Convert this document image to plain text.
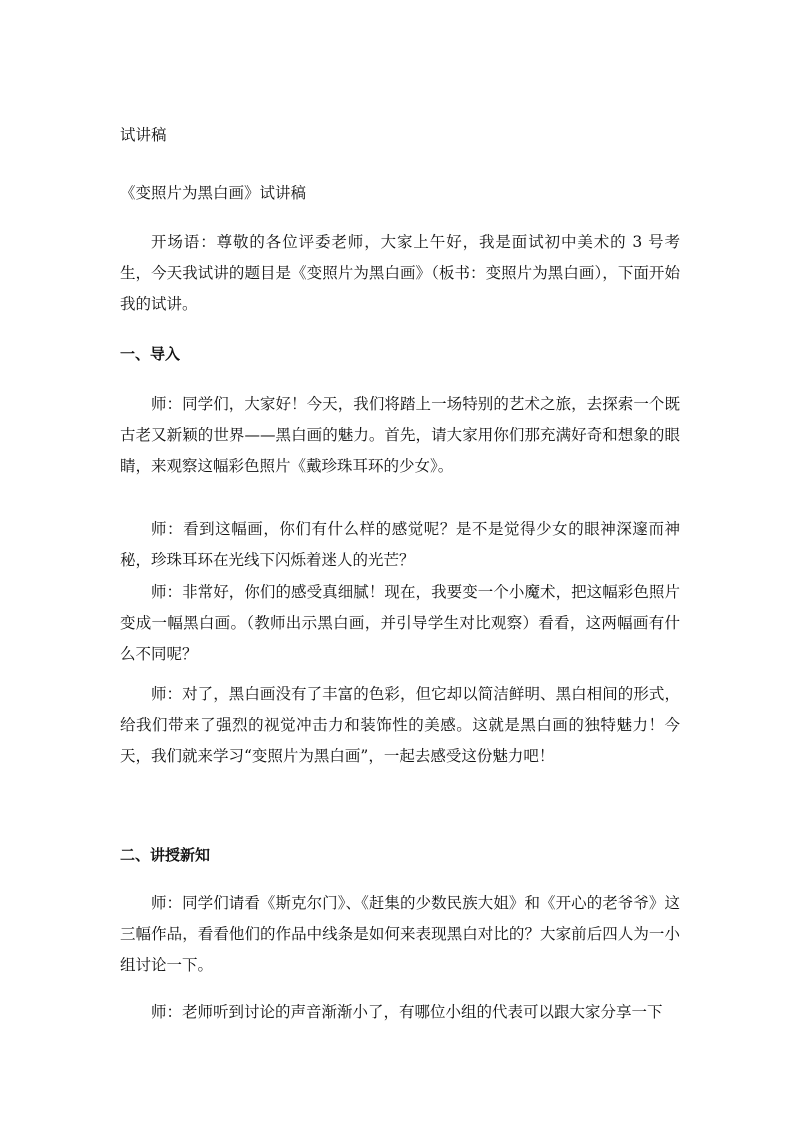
试讲稿

《变照片为黑白画》试讲稿

开场语：尊敬的各位评委老师，大家上午好，我是面试初中美术的 3 号考生，今天我试讲的题目是《变照片为黑白画》（板书：变照片为黑白画），下面开始我的试讲。

一、导入

师：同学们，大家好！今天，我们将踏上一场特别的艺术之旅，去探索一个既古老又新颖的世界——黑白画的魅力。首先，请大家用你们那充满好奇和想象的眼睛，来观察这幅彩色照片《戴珍珠耳环的少女》。

师：看到这幅画，你们有什么样的感觉呢？是不是觉得少女的眼神深邃而神秘，珍珠耳环在光线下闪烁着迷人的光芒？

师：非常好，你们的感受真细腻！现在，我要变一个小魔术，把这幅彩色照片变成一幅黑白画。（教师出示黑白画，并引导学生对比观察）看看，这两幅画有什么不同呢？

师：对了，黑白画没有了丰富的色彩，但它却以简洁鲜明、黑白相间的形式，给我们带来了强烈的视觉冲击力和装饰性的美感。这就是黑白画的独特魅力！今天，我们就来学习“变照片为黑白画”，一起去感受这份魅力吧！

二、讲授新知

师：同学们请看《斯克尔门》、《赶集的少数民族大姐》和《开心的老爷爷》这三幅作品，看看他们的作品中线条是如何来表现黑白对比的？大家前后四人为一小组讨论一下。

师：老师听到讨论的声音渐渐小了，有哪位小组的代表可以跟大家分享一下
